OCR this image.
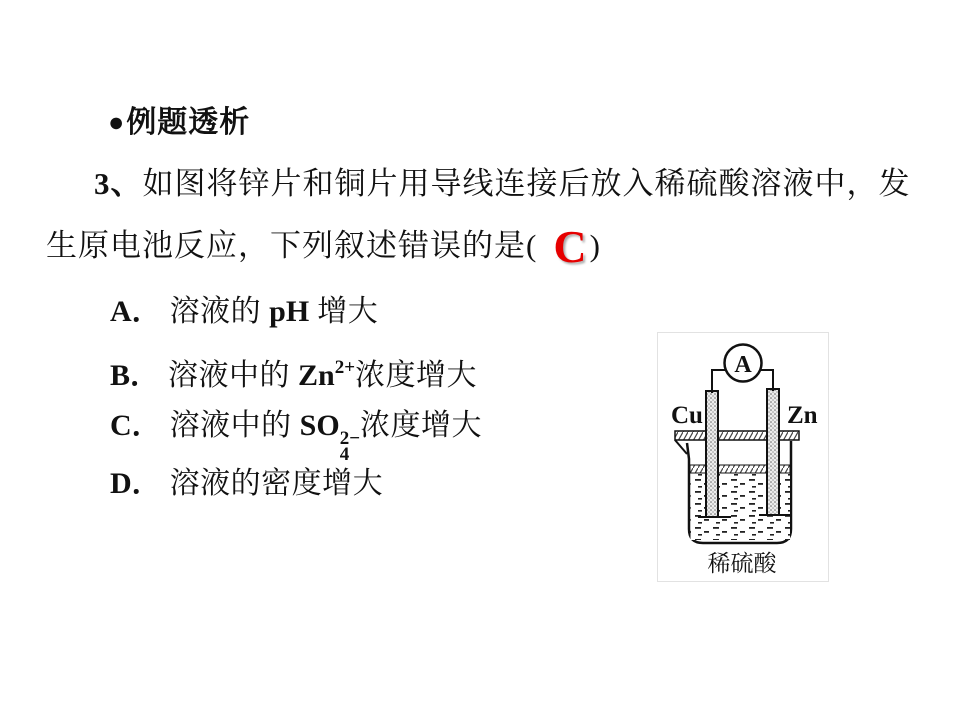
●例题透析
3、如图将锌片和铜片用导线连接后放入稀硫酸溶液中，发
生原电池反应，下列叙述错误的是( C)
A． 溶液的 pH 增大
B． 溶液中的 $Zn^{2+}$浓度增大
C． 溶液中的 SO 2−
4
浓度增大
D． 溶液的密度增大
A
Cu	Zn
稀硫酸
